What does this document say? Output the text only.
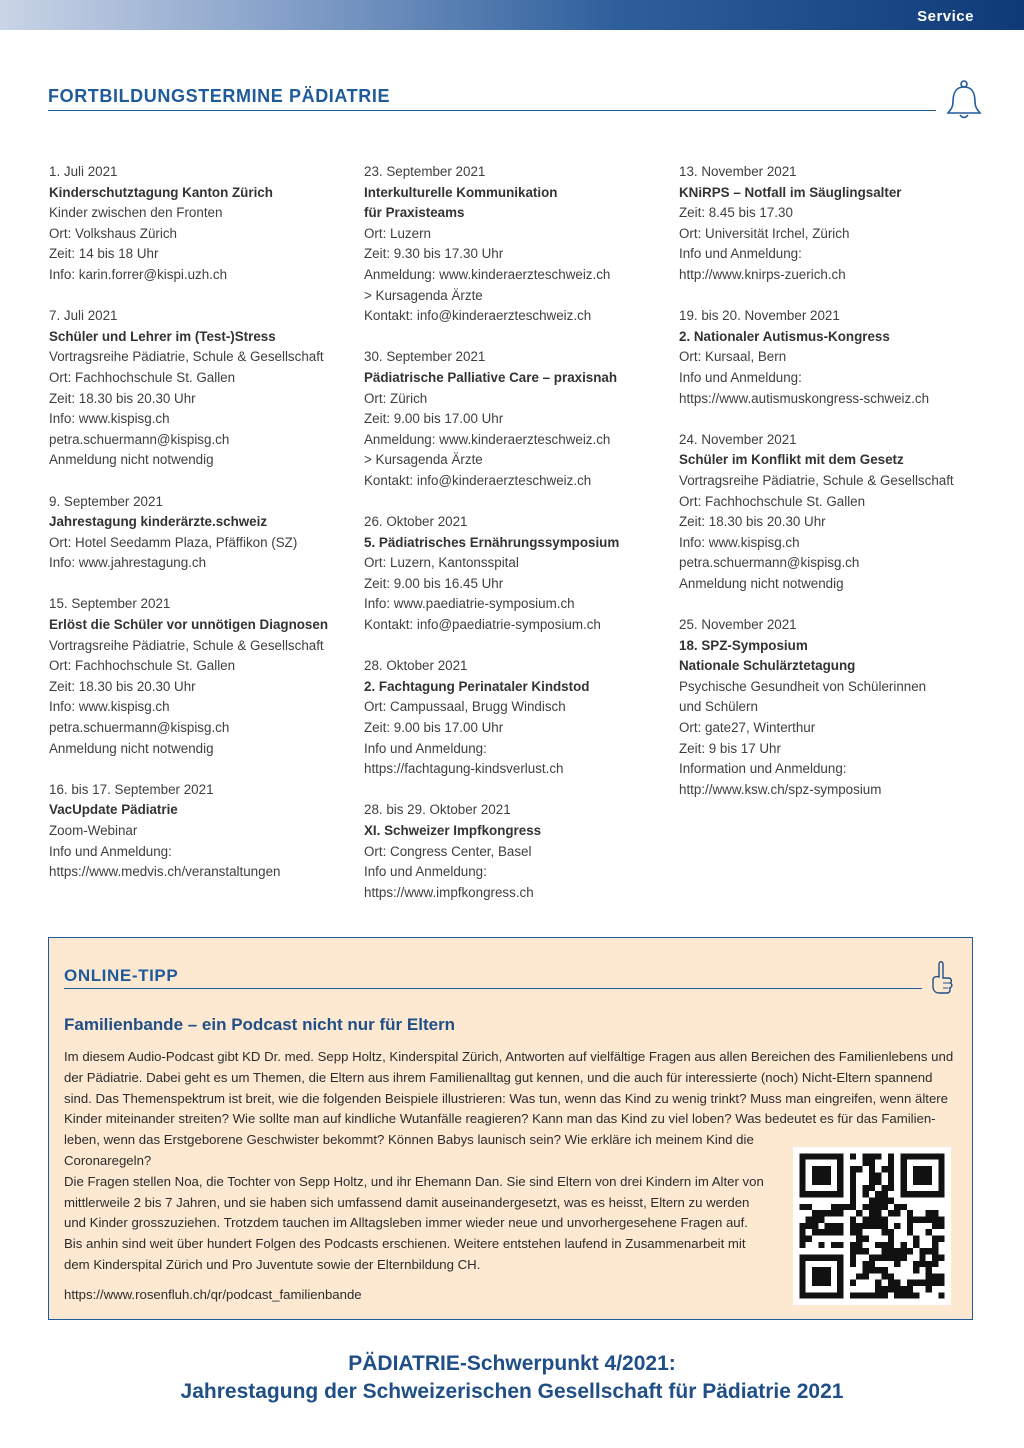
Service
FORTBILDUNGSTERMINE PÄDIATRIE
1. Juli 2021
Kinderschutztagung Kanton Zürich
Kinder zwischen den Fronten
Ort: Volkshaus Zürich
Zeit: 14 bis 18 Uhr
Info: karin.forrer@kispi.uzh.ch
7. Juli 2021
Schüler und Lehrer im (Test-)Stress
Vortragsreihe Pädiatrie, Schule & Gesellschaft
Ort: Fachhochschule St. Gallen
Zeit: 18.30 bis 20.30 Uhr
Info: www.kispisg.ch
petra.schuermann@kispisg.ch
Anmeldung nicht notwendig
9. September 2021
Jahrestagung kinderärzte.schweiz
Ort: Hotel Seedamm Plaza, Pfäffikon (SZ)
Info: www.jahrestagung.ch
15. September 2021
Erlöst die Schüler vor unnötigen Diagnosen
Vortragsreihe Pädiatrie, Schule & Gesellschaft
Ort: Fachhochschule St. Gallen
Zeit: 18.30 bis 20.30 Uhr
Info: www.kispisg.ch
petra.schuermann@kispisg.ch
Anmeldung nicht notwendig
16. bis 17. September 2021
VacUpdate Pädiatrie
Zoom-Webinar
Info und Anmeldung:
https://www.medvis.ch/veranstaltungen
23. September 2021
Interkulturelle Kommunikation
für Praxisteams
Ort: Luzern
Zeit: 9.30 bis 17.30 Uhr
Anmeldung: www.kinderaerzteschweiz.ch
> Kursagenda Ärzte
Kontakt: info@kinderaerzteschweiz.ch
30. September 2021
Pädiatrische Palliative Care – praxisnah
Ort: Zürich
Zeit: 9.00 bis 17.00 Uhr
Anmeldung: www.kinderaerzteschweiz.ch
> Kursagenda Ärzte
Kontakt: info@kinderaerzteschweiz.ch
26. Oktober 2021
5. Pädiatrisches Ernährungssymposium
Ort: Luzern, Kantonsspital
Zeit: 9.00 bis 16.45 Uhr
Info: www.paediatrie-symposium.ch
Kontakt: info@paediatrie-symposium.ch
28. Oktober 2021
2. Fachtagung Perinataler Kindstod
Ort: Campussaal, Brugg Windisch
Zeit: 9.00 bis 17.00 Uhr
Info und Anmeldung:
https://fachtagung-kindsverlust.ch
28. bis 29. Oktober 2021
XI. Schweizer Impfkongress
Ort: Congress Center, Basel
Info und Anmeldung:
https://www.impfkongress.ch
13. November 2021
KNiRPS – Notfall im Säuglingsalter
Zeit: 8.45 bis 17.30
Ort: Universität Irchel, Zürich
Info und Anmeldung:
http://www.knirps-zuerich.ch
19. bis 20. November 2021
2. Nationaler Autismus-Kongress
Ort: Kursaal, Bern
Info und Anmeldung:
https://www.autismuskongress-schweiz.ch
24. November 2021
Schüler im Konflikt mit dem Gesetz
Vortragsreihe Pädiatrie, Schule & Gesellschaft
Ort: Fachhochschule St. Gallen
Zeit: 18.30 bis 20.30 Uhr
Info: www.kispisg.ch
petra.schuermann@kispisg.ch
Anmeldung nicht notwendig
25. November 2021
18. SPZ-Symposium
Nationale Schulärztetagung
Psychische Gesundheit von Schülerinnen
und Schülern
Ort: gate27, Winterthur
Zeit: 9 bis 17 Uhr
Information und Anmeldung:
http://www.ksw.ch/spz-symposium
ONLINE-TIPP
Familienbande – ein Podcast nicht nur für Eltern
Im diesem Audio-Podcast gibt KD Dr. med. Sepp Holtz, Kinderspital Zürich, Antworten auf vielfältige Fragen aus allen Bereichen des Familienlebens und
der Pädiatrie. Dabei geht es um Themen, die Eltern aus ihrem Familienalltag gut kennen, und die auch für interessierte (noch) Nicht-Eltern spannend
sind. Das Themenspektrum ist breit, wie die folgenden Beispiele illustrieren: Was tun, wenn das Kind zu wenig trinkt? Muss man eingreifen, wenn ältere
Kinder miteinander streiten? Wie sollte man auf kindliche Wutanfälle reagieren? Kann man das Kind zu viel loben? Was bedeutet es für das Familien-
leben, wenn das Erstgeborene Geschwister bekommt? Können Babys launisch sein? Wie erkläre ich meinem Kind die
Coronaregeln?
Die Fragen stellen Noa, die Tochter von Sepp Holtz, und ihr Ehemann Dan. Sie sind Eltern von drei Kindern im Alter von
mittlerweile 2 bis 7 Jahren, und sie haben sich umfassend damit auseinandergesetzt, was es heisst, Eltern zu werden
und Kinder grosszuziehen. Trotzdem tauchen im Alltagsleben immer wieder neue und unvorhergesehene Fragen auf.
Bis anhin sind weit über hundert Folgen des Podcasts erschienen. Weitere entstehen laufend in Zusammenarbeit mit
dem Kinderspital Zürich und Pro Juventute sowie der Elternbildung CH.
https://www.rosenfluh.ch/qr/podcast_familienbande
PÄDIATRIE-Schwerpunkt 4/2021:
Jahrestagung der Schweizerischen Gesellschaft für Pädiatrie 2021
